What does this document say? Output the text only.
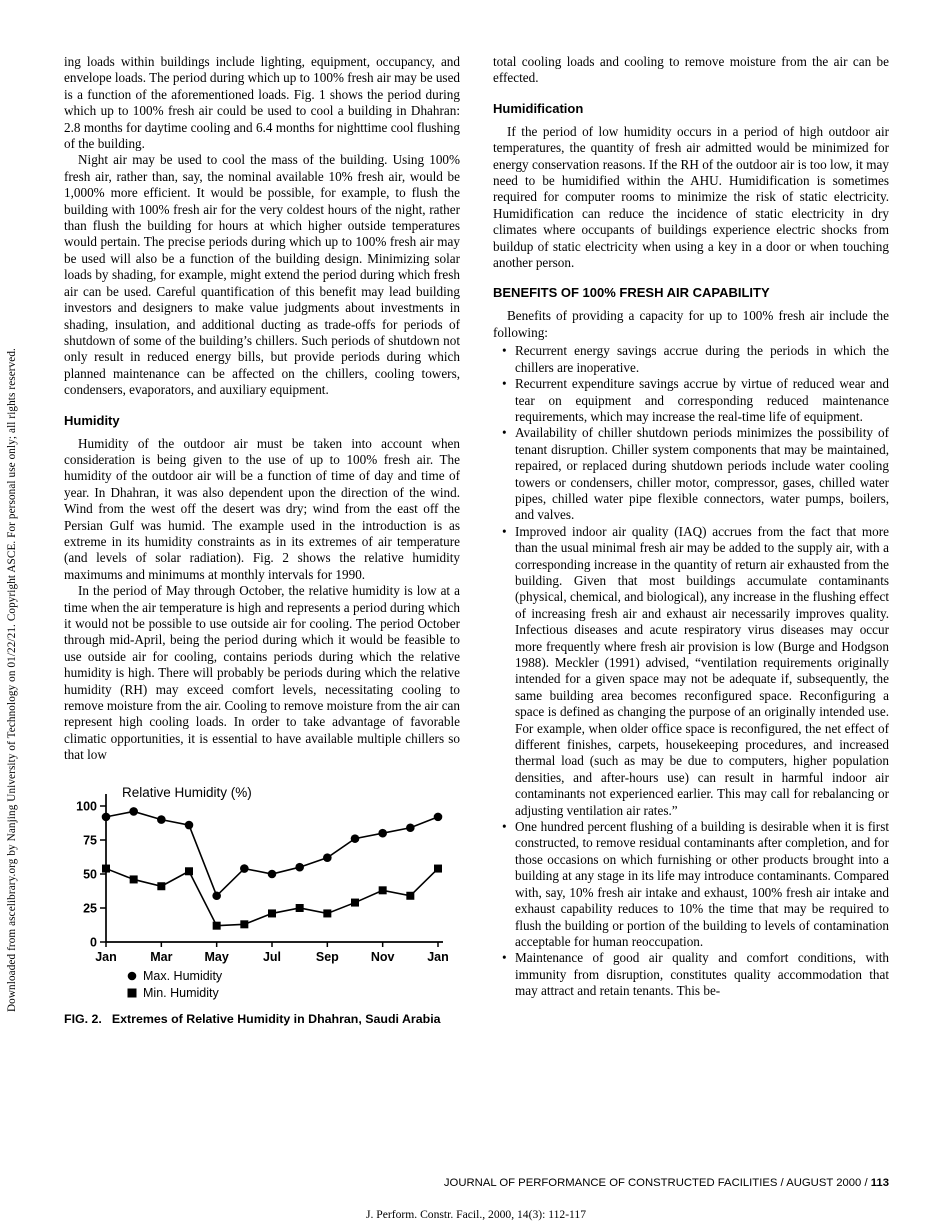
Downloaded from ascelibrary.org by Nanjing University of Technology on 01/22/21. Copyright ASCE. For personal use only; all rights reserved.

ing loads within buildings include lighting, equipment, occupancy, and envelope loads. The period during which up to 100% fresh air may be used is a function of the aforementioned loads. Fig. 1 shows the period during which up to 100% fresh air could be used to cool a building in Dhahran: 2.8 months for daytime cooling and 6.4 months for nighttime cool flushing of the building.

Night air may be used to cool the mass of the building. Using 100% fresh air, rather than, say, the nominal available 10% fresh air, would be 1,000% more efficient. It would be possible, for example, to flush the building with 100% fresh air for the very coldest hours of the night, rather than flush the building for hours at which higher outside temperatures would pertain. The precise periods during which up to 100% fresh air may be used will also be a function of the building design. Minimizing solar loads by shading, for example, might extend the period during which fresh air can be used. Careful quantification of this benefit may lead building investors and designers to make value judgments about investments in shading, insulation, and additional ducting as trade-offs for periods of shutdown of some of the building’s chillers. Such periods of shutdown not only result in reduced energy bills, but provide periods during which planned maintenance can be affected on the chillers, cooling towers, condensers, evaporators, and auxiliary equipment.

Humidity

Humidity of the outdoor air must be taken into account when consideration is being given to the use of up to 100% fresh air. The humidity of the outdoor air will be a function of time of day and time of year. In Dhahran, it was also dependent upon the direction of the wind. Wind from the west off the desert was dry; wind from the east off the Persian Gulf was humid. The example used in the introduction is as extreme in its humidity constraints as in its extremes of air temperature (and levels of solar radiation). Fig. 2 shows the relative humidity maximums and minimums at monthly intervals for 1990.

In the period of May through October, the relative humidity is low at a time when the air temperature is high and represents a period during which it would not be possible to use outside air for cooling. The period October through mid-April, being the period during which it would be feasible to use outside air for cooling, contains periods during which the relative humidity is high. There will probably be periods during which the relative humidity (RH) may exceed comfort levels, necessitating cooling to remove moisture from the air. Cooling to remove moisture from the air can represent high cooling loads. In order to take advantage of favorable climatic opportunities, it is essential to have available multiple chillers so that low

Relative Humidity (%)
0
25
50
75
100
Jan	Mar	May	Jul	Sep	Nov	Jan
Max. Humidity
Min. Humidity
FIG. 2. Extremes of Relative Humidity in Dhahran, Saudi Arabia

total cooling loads and cooling to remove moisture from the air can be effected.

Humidification

If the period of low humidity occurs in a period of high outdoor air temperatures, the quantity of fresh air admitted would be minimized for energy conservation reasons. If the RH of the outdoor air is too low, it may need to be humidified within the AHU. Humidification is sometimes required for computer rooms to minimize the risk of static electricity. Humidification can reduce the incidence of static electricity in dry climates where occupants of buildings experience electric shocks from buildup of static electricity when using a key in a door or when touching another person.

BENEFITS OF 100% FRESH AIR CAPABILITY

Benefits of providing a capacity for up to 100% fresh air include the following:

• Recurrent energy savings accrue during the periods in which the chillers are inoperative.
• Recurrent expenditure savings accrue by virtue of reduced wear and tear on equipment and corresponding reduced maintenance requirements, which may increase the real-time life of equipment.
• Availability of chiller shutdown periods minimizes the possibility of tenant disruption. Chiller system components that may be maintained, repaired, or replaced during shutdown periods include water cooling towers or condensers, chiller motor, compressor, gases, chilled water pipes, chilled water pipe flexible connectors, water pumps, boilers, and valves.
• Improved indoor air quality (IAQ) accrues from the fact that more than the usual minimal fresh air may be added to the supply air, with a corresponding increase in the quantity of return air exhausted from the building. Given that most buildings accumulate contaminants (physical, chemical, and biological), any increase in the flushing effect of increasing fresh air and exhaust air necessarily improves quality. Infectious diseases and acute respiratory virus diseases may occur more frequently where fresh air provision is low (Burge and Hodgson 1988). Meckler (1991) advised, “ventilation requirements originally intended for a given space may not be adequate if, subsequently, the same building area becomes reconfigured space. Reconfiguring a space is defined as changing the purpose of an originally intended use. For example, when older office space is reconfigured, the net effect of different finishes, carpets, housekeeping procedures, and increased thermal load (such as may be due to computers, higher population densities, and after-hours use) can result in harmful indoor air contaminants not experienced earlier. This may call for rebalancing or adjusting ventilation air rates.”
• One hundred percent flushing of a building is desirable when it is first constructed, to remove residual contaminants after completion, and for those occasions on which furnishing or other products brought into a building at any stage in its life may introduce contaminants. Compared with, say, 10% fresh air intake and exhaust, 100% fresh air intake and exhaust capability reduces to 10% the time that may be required to flush the building or portion of the building to levels of contamination acceptable for human reoccupation.
• Maintenance of good air quality and comfort conditions, with immunity from disruption, constitutes quality accommodation that may attract and retain tenants. This be-
JOURNAL OF PERFORMANCE OF CONSTRUCTED FACILITIES / AUGUST 2000 / 113
J. Perform. Constr. Facil., 2000, 14(3): 112-117
